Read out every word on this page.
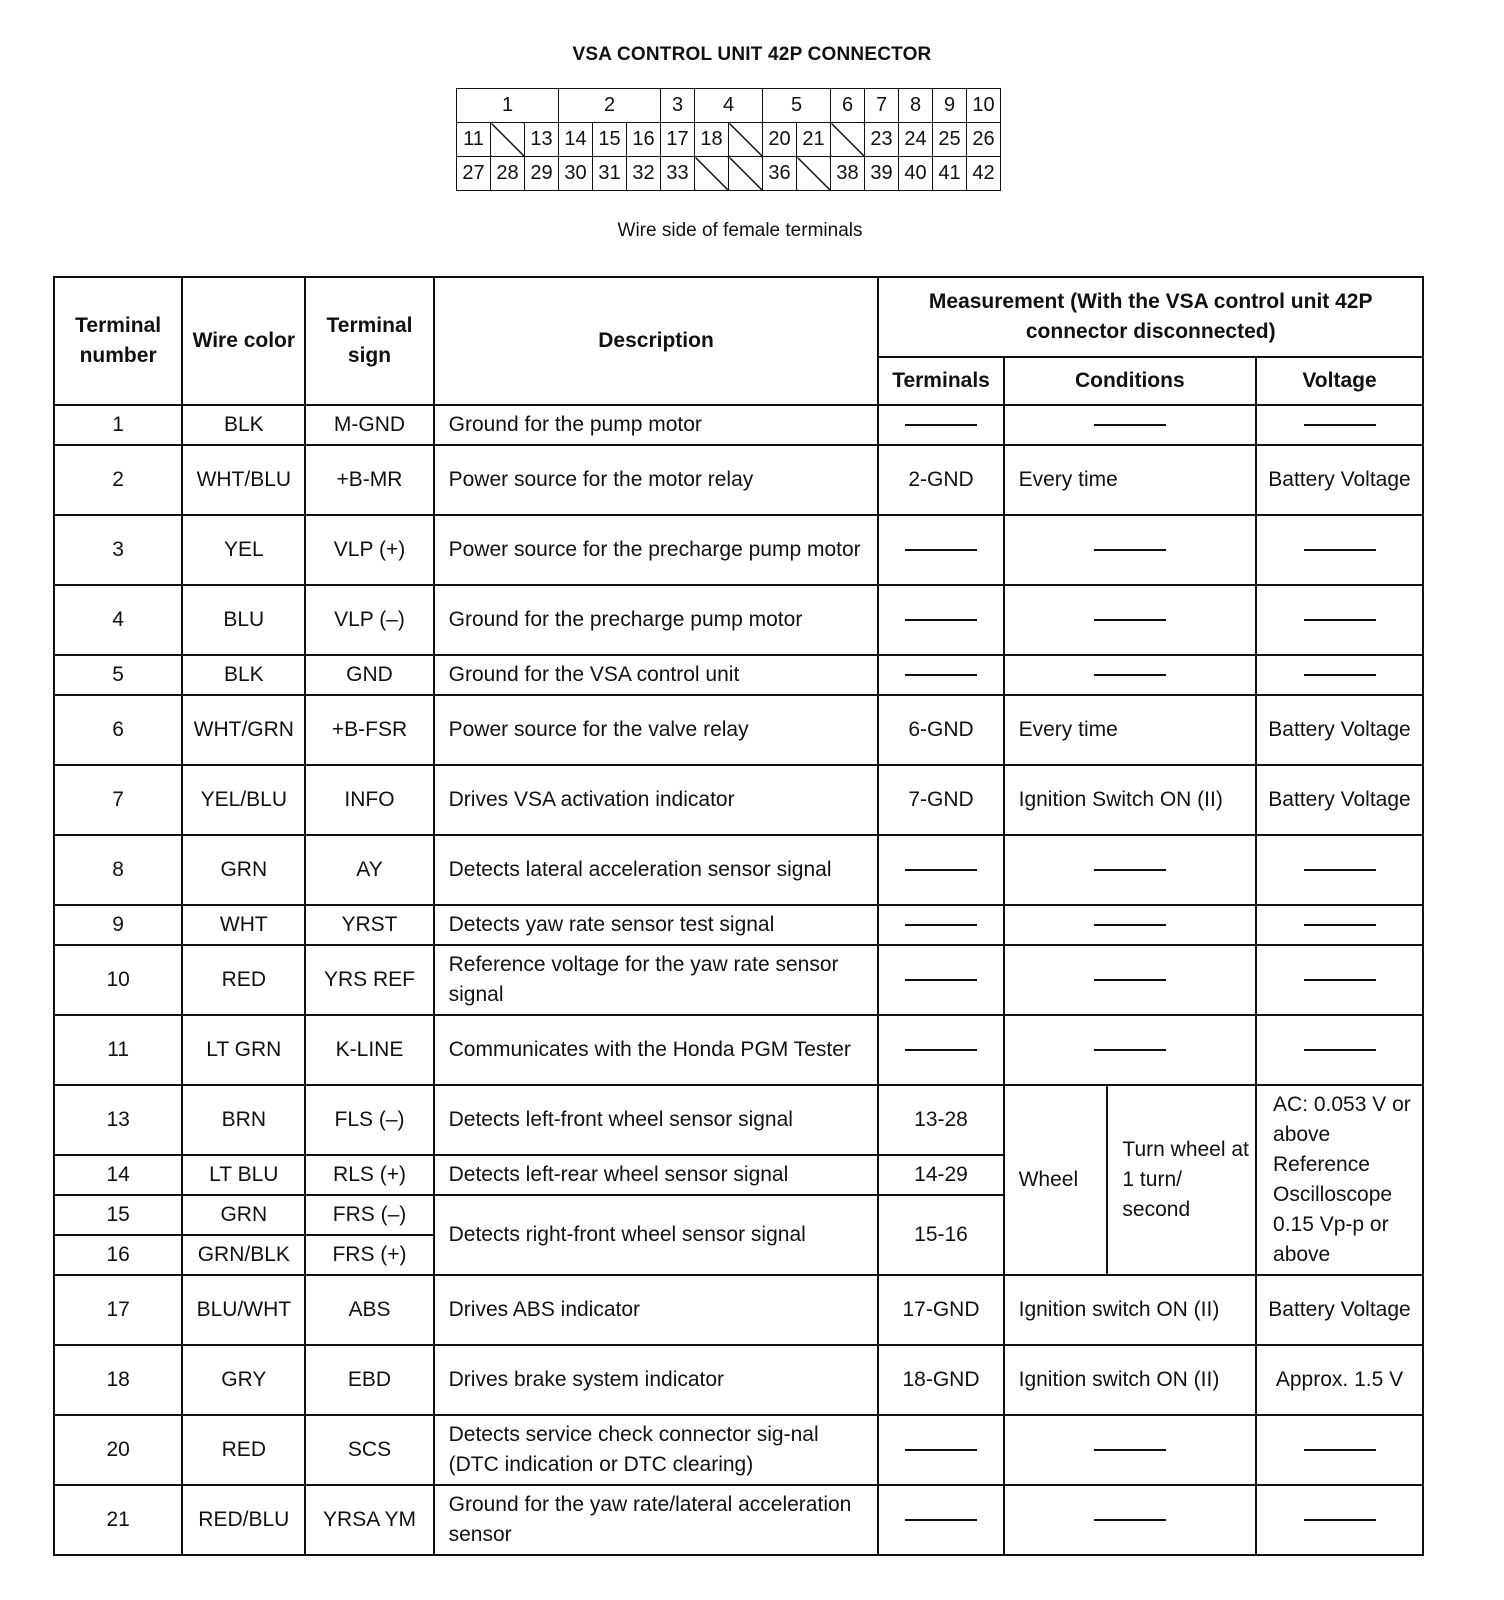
VSA CONTROL UNIT 42P CONNECTOR
1			2			3	4		5		6	7	8	9	10
11		13	14	15	16	17	18		20	21		23	24	25	26
27	28	29	30	31	32	33			36		38	39	40	41	42
Wire side of female terminals
Terminal number	Wire color	Terminal sign	Description	Measurement (With the VSA control unit 42P connector disconnected)			
				Terminals	Conditions		Voltage
1	BLK	M-GND	Ground for the pump motor				
2	WHT/BLU	+B-MR	Power source for the motor relay	2-GND	Every time		Battery Voltage
3	YEL	VLP (+)	Power source for the precharge pump motor				
4	BLU	VLP (–)	Ground for the precharge pump motor				
5	BLK	GND	Ground for the VSA control unit				
6	WHT/GRN	+B-FSR	Power source for the valve relay	6-GND	Every time		Battery Voltage
7	YEL/BLU	INFO	Drives VSA activation indicator	7-GND	Ignition Switch ON (II)		Battery Voltage
8	GRN	AY	Detects lateral acceleration sensor signal				
9	WHT	YRST	Detects yaw rate sensor test signal				
10	RED	YRS REF	Reference voltage for the yaw rate sensor signal				
11	LT GRN	K-LINE	Communicates with the Honda PGM Tester				
13	BRN	FLS (–)	Detects left-front wheel sensor signal	13-28	Wheel	Turn wheel at 1 turn/ second	AC: 0.053 V or above Reference Oscilloscope 0.15 Vp-p or above
14	LT BLU	RLS (+)	Detects left-rear wheel sensor signal	14-29			
15	GRN	FRS (–)	Detects right-front wheel sensor signal	15-16			
16	GRN/BLK	FRS (+)					
17	BLU/WHT	ABS	Drives ABS indicator	17-GND	Ignition switch ON (II)		Battery Voltage
18	GRY	EBD	Drives brake system indicator	18-GND	Ignition switch ON (II)		Approx. 1.5 V
20	RED	SCS	Detects service check connector sig-nal (DTC indication or DTC clearing)				
21	RED/BLU	YRSA YM	Ground for the yaw rate/lateral acceleration sensor				
